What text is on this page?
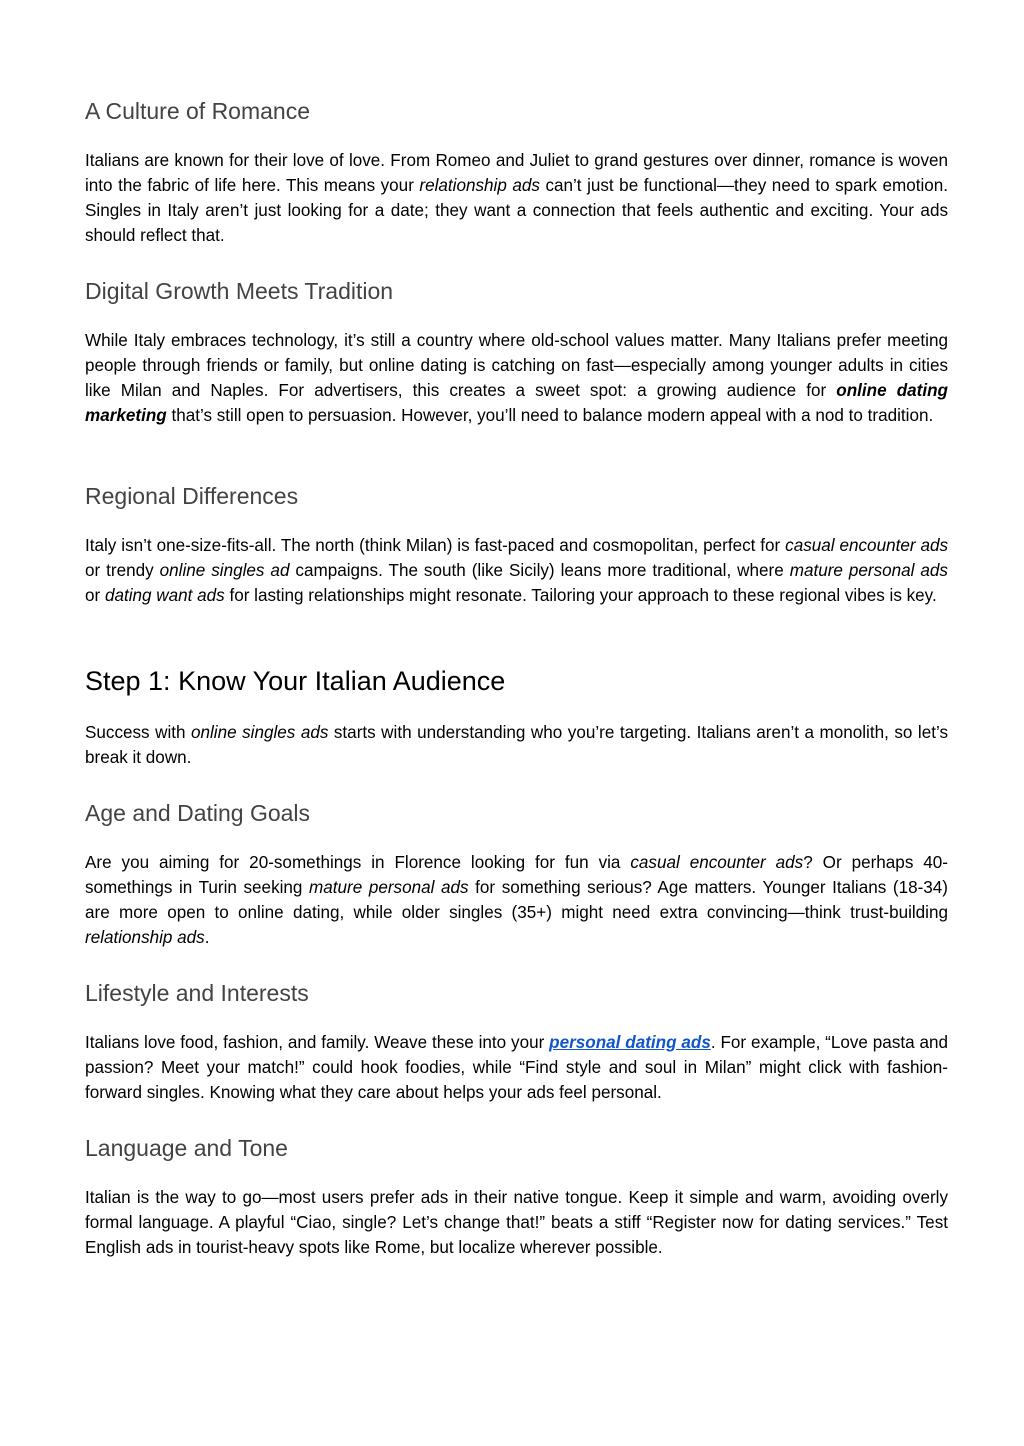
A Culture of Romance

Italians are known for their love of love. From Romeo and Juliet to grand gestures over dinner, romance is woven into the fabric of life here. This means your relationship ads can’t just be functional—they need to spark emotion. Singles in Italy aren’t just looking for a date; they want a connection that feels authentic and exciting. Your ads should reflect that.

Digital Growth Meets Tradition

While Italy embraces technology, it’s still a country where old-school values matter. Many Italians prefer meeting people through friends or family, but online dating is catching on fast—especially among younger adults in cities like Milan and Naples. For advertisers, this creates a sweet spot: a growing audience for online dating marketing that’s still open to persuasion. However, you’ll need to balance modern appeal with a nod to tradition.

Regional Differences

Italy isn’t one-size-fits-all. The north (think Milan) is fast-paced and cosmopolitan, perfect for casual encounter ads or trendy online singles ad campaigns. The south (like Sicily) leans more traditional, where mature personal ads or dating want ads for lasting relationships might resonate. Tailoring your approach to these regional vibes is key.

Step 1: Know Your Italian Audience

Success with online singles ads starts with understanding who you’re targeting. Italians aren’t a monolith, so let’s break it down.

Age and Dating Goals

Are you aiming for 20-somethings in Florence looking for fun via casual encounter ads? Or perhaps 40-somethings in Turin seeking mature personal ads for something serious? Age matters. Younger Italians (18-34) are more open to online dating, while older singles (35+) might need extra convincing—think trust-building relationship ads.

Lifestyle and Interests

Italians love food, fashion, and family. Weave these into your personal dating ads. For example, “Love pasta and passion? Meet your match!” could hook foodies, while “Find style and soul in Milan” might click with fashion-forward singles. Knowing what they care about helps your ads feel personal.

Language and Tone

Italian is the way to go—most users prefer ads in their native tongue. Keep it simple and warm, avoiding overly formal language. A playful “Ciao, single? Let’s change that!” beats a stiff “Register now for dating services.” Test English ads in tourist-heavy spots like Rome, but localize wherever possible.
